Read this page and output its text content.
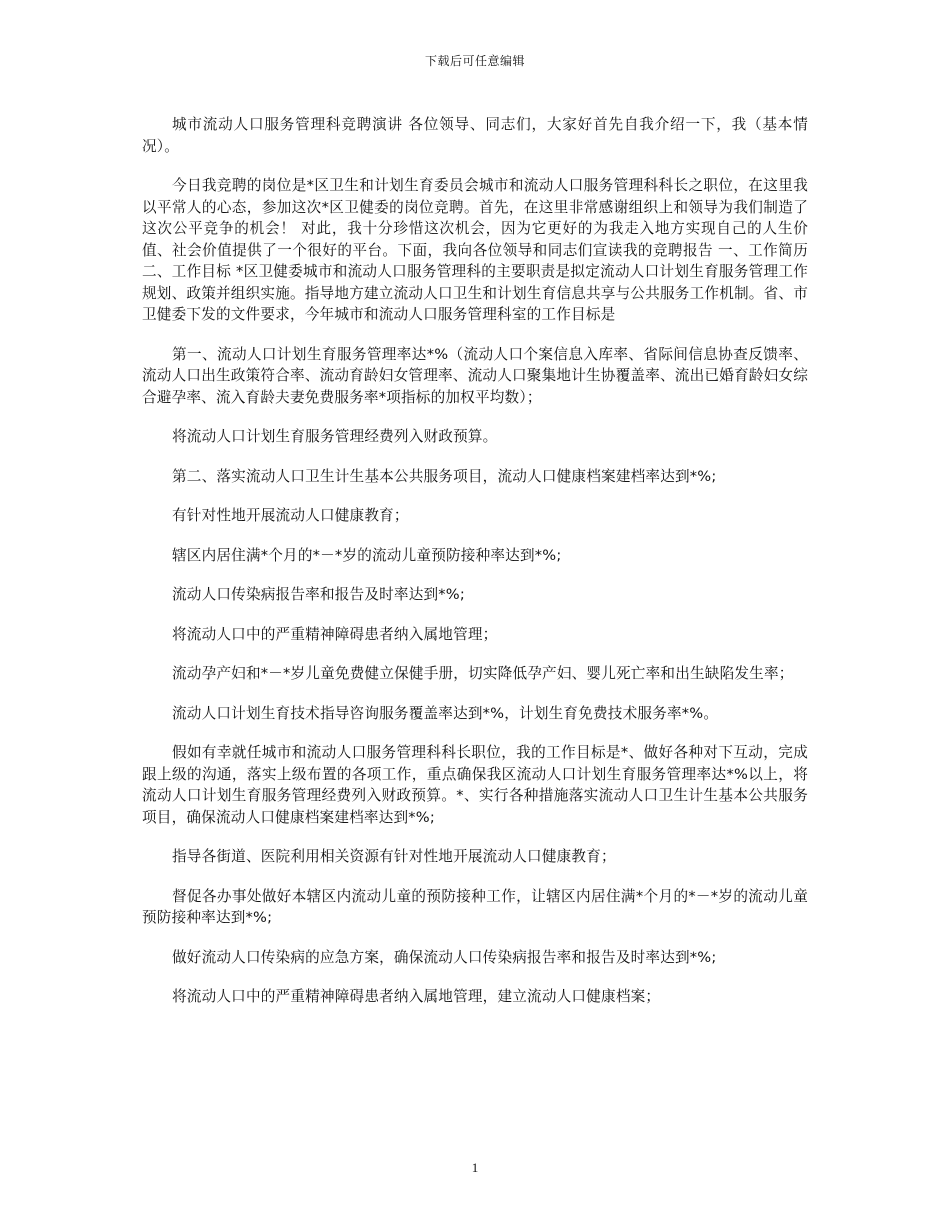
下载后可任意编辑

城市流动人口服务管理科竞聘演讲 各位领导、同志们，大家好首先自我介绍一下，我（基本情况）。

今日我竞聘的岗位是*区卫生和计划生育委员会城市和流动人口服务管理科科长之职位，在这里我以平常人的心态，参加这次*区卫健委的岗位竞聘。首先，在这里非常感谢组织上和领导为我们制造了这次公平竞争的机会！ 对此，我十分珍惜这次机会，因为它更好的为我走入地方实现自己的人生价值、社会价值提供了一个很好的平台。下面，我向各位领导和同志们宣读我的竞聘报告 一、工作简历 二、工作目标 *区卫健委城市和流动人口服务管理科的主要职责是拟定流动人口计划生育服务管理工作规划、政策并组织实施。指导地方建立流动人口卫生和计划生育信息共享与公共服务工作机制。省、市卫健委下发的文件要求，今年城市和流动人口服务管理科室的工作目标是

第一、流动人口计划生育服务管理率达*%（流动人口个案信息入库率、省际间信息协查反馈率、流动人口出生政策符合率、流动育龄妇女管理率、流动人口聚集地计生协覆盖率、流出已婚育龄妇女综合避孕率、流入育龄夫妻免费服务率*项指标的加权平均数）；

将流动人口计划生育服务管理经费列入财政预算。

第二、落实流动人口卫生计生基本公共服务项目，流动人口健康档案建档率达到*%;

有针对性地开展流动人口健康教育；

辖区内居住满*个月的*－*岁的流动儿童预防接种率达到*%;

流动人口传染病报告率和报告及时率达到*%;

将流动人口中的严重精神障碍患者纳入属地管理；

流动孕产妇和*－*岁儿童免费健立保健手册，切实降低孕产妇、婴儿死亡率和出生缺陷发生率；

流动人口计划生育技术指导咨询服务覆盖率达到*%，计划生育免费技术服务率*%。

假如有幸就任城市和流动人口服务管理科科长职位，我的工作目标是*、做好各种对下互动，完成跟上级的沟通，落实上级布置的各项工作，重点确保我区流动人口计划生育服务管理率达*%以上，将流动人口计划生育服务管理经费列入财政预算。*、实行各种措施落实流动人口卫生计生基本公共服务项目，确保流动人口健康档案建档率达到*%;

指导各街道、医院利用相关资源有针对性地开展流动人口健康教育；

督促各办事处做好本辖区内流动儿童的预防接种工作，让辖区内居住满*个月的*－*岁的流动儿童预防接种率达到*%;

做好流动人口传染病的应急方案，确保流动人口传染病报告率和报告及时率达到*%;

将流动人口中的严重精神障碍患者纳入属地管理，建立流动人口健康档案；

1
